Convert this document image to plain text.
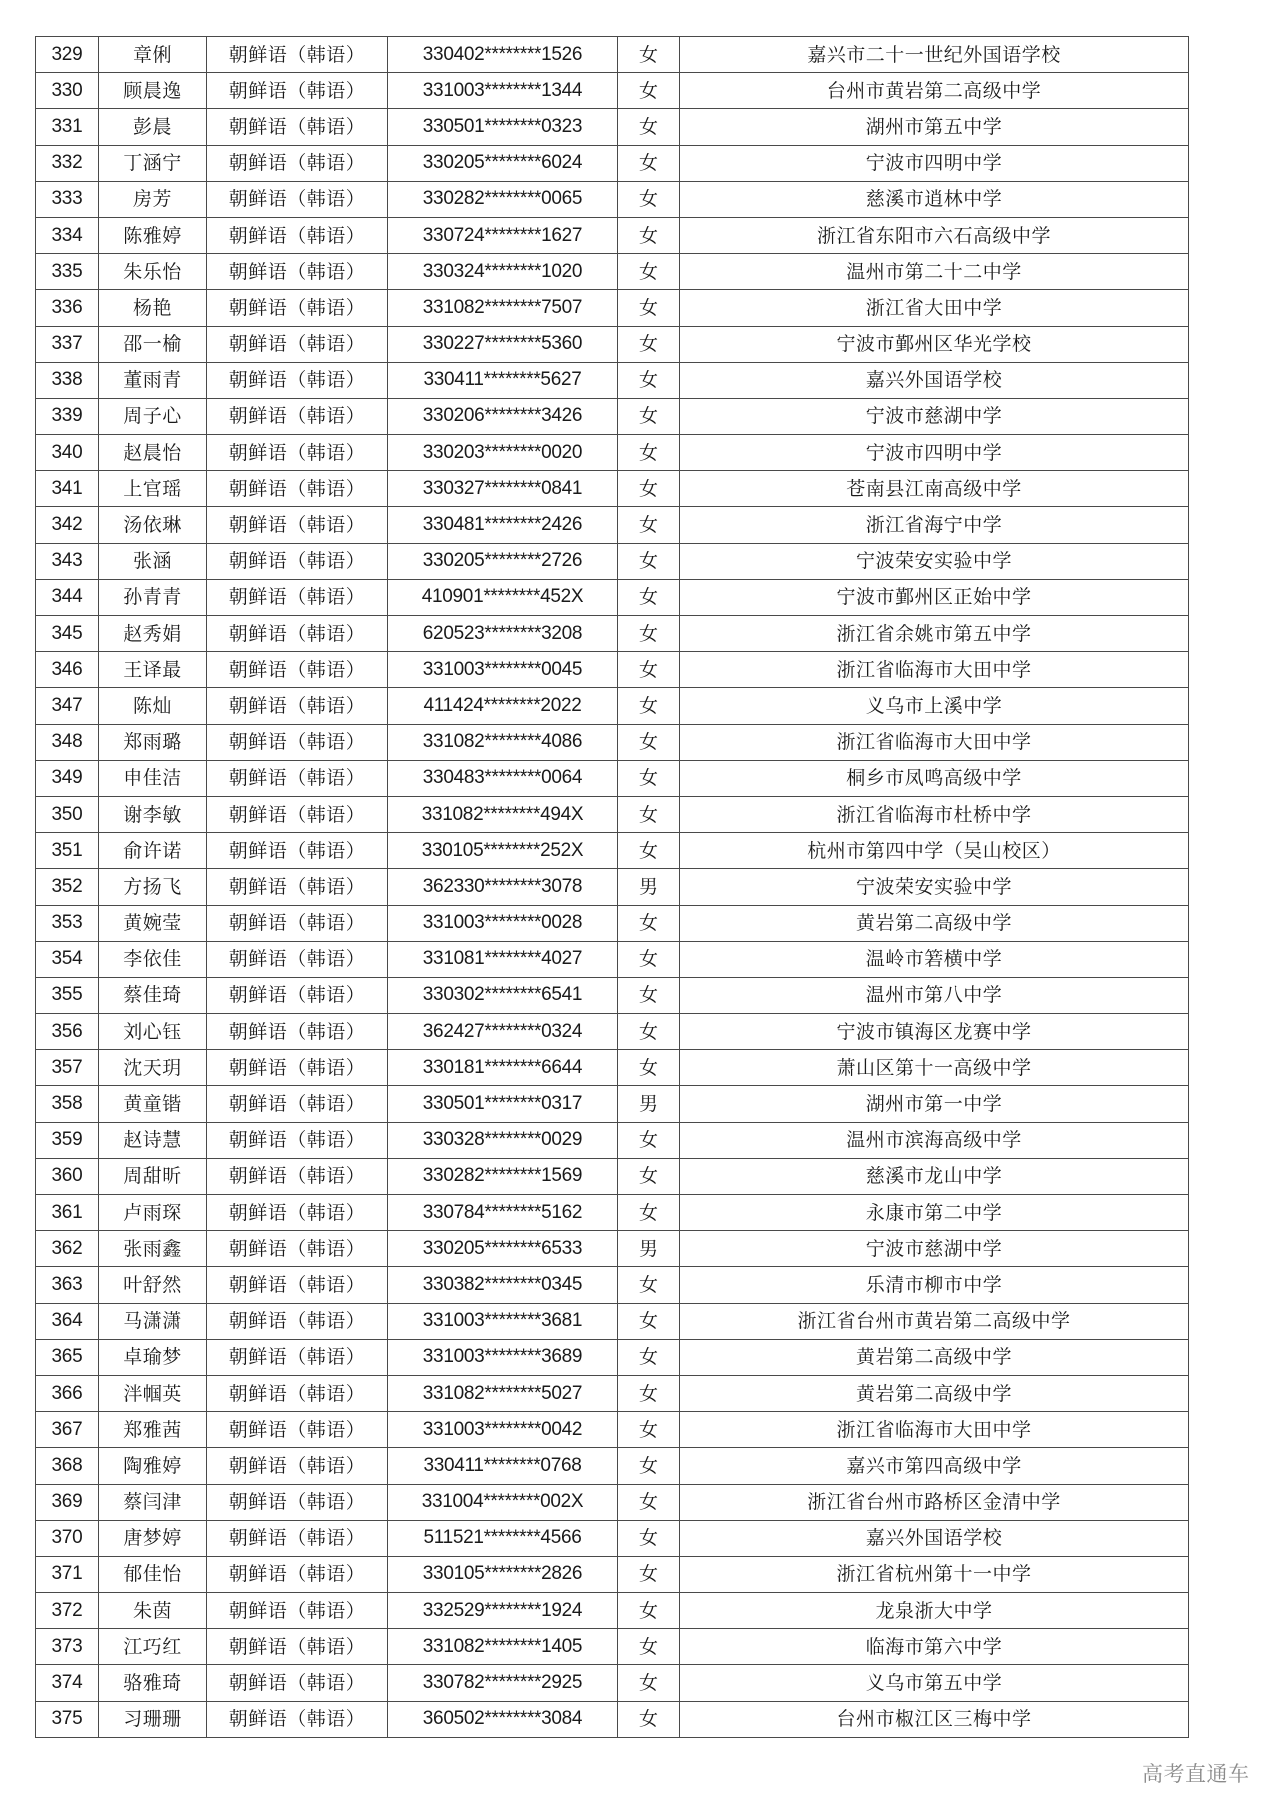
329	章俐	朝鲜语（韩语）	330402********1526	女	嘉兴市二十一世纪外国语学校
330	顾晨逸	朝鲜语（韩语）	331003********1344	女	台州市黄岩第二高级中学
331	彭晨	朝鲜语（韩语）	330501********0323	女	湖州市第五中学
332	丁涵宁	朝鲜语（韩语）	330205********6024	女	宁波市四明中学
333	房芳	朝鲜语（韩语）	330282********0065	女	慈溪市逍林中学
334	陈雅婷	朝鲜语（韩语）	330724********1627	女	浙江省东阳市六石高级中学
335	朱乐怡	朝鲜语（韩语）	330324********1020	女	温州市第二十二中学
336	杨艳	朝鲜语（韩语）	331082********7507	女	浙江省大田中学
337	邵一榆	朝鲜语（韩语）	330227********5360	女	宁波市鄞州区华光学校
338	董雨青	朝鲜语（韩语）	330411********5627	女	嘉兴外国语学校
339	周子心	朝鲜语（韩语）	330206********3426	女	宁波市慈湖中学
340	赵晨怡	朝鲜语（韩语）	330203********0020	女	宁波市四明中学
341	上官瑶	朝鲜语（韩语）	330327********0841	女	苍南县江南高级中学
342	汤依琳	朝鲜语（韩语）	330481********2426	女	浙江省海宁中学
343	张涵	朝鲜语（韩语）	330205********2726	女	宁波荣安实验中学
344	孙青青	朝鲜语（韩语）	410901********452X	女	宁波市鄞州区正始中学
345	赵秀娟	朝鲜语（韩语）	620523********3208	女	浙江省余姚市第五中学
346	王译最	朝鲜语（韩语）	331003********0045	女	浙江省临海市大田中学
347	陈灿	朝鲜语（韩语）	411424********2022	女	义乌市上溪中学
348	郑雨璐	朝鲜语（韩语）	331082********4086	女	浙江省临海市大田中学
349	申佳洁	朝鲜语（韩语）	330483********0064	女	桐乡市凤鸣高级中学
350	谢李敏	朝鲜语（韩语）	331082********494X	女	浙江省临海市杜桥中学
351	俞许诺	朝鲜语（韩语）	330105********252X	女	杭州市第四中学（吴山校区）
352	方扬飞	朝鲜语（韩语）	362330********3078	男	宁波荣安实验中学
353	黄婉莹	朝鲜语（韩语）	331003********0028	女	黄岩第二高级中学
354	李依佳	朝鲜语（韩语）	331081********4027	女	温岭市箬横中学
355	蔡佳琦	朝鲜语（韩语）	330302********6541	女	温州市第八中学
356	刘心钰	朝鲜语（韩语）	362427********0324	女	宁波市镇海区龙赛中学
357	沈天玥	朝鲜语（韩语）	330181********6644	女	萧山区第十一高级中学
358	黄童锴	朝鲜语（韩语）	330501********0317	男	湖州市第一中学
359	赵诗慧	朝鲜语（韩语）	330328********0029	女	温州市滨海高级中学
360	周甜昕	朝鲜语（韩语）	330282********1569	女	慈溪市龙山中学
361	卢雨琛	朝鲜语（韩语）	330784********5162	女	永康市第二中学
362	张雨鑫	朝鲜语（韩语）	330205********6533	男	宁波市慈湖中学
363	叶舒然	朝鲜语（韩语）	330382********0345	女	乐清市柳市中学
364	马潇潇	朝鲜语（韩语）	331003********3681	女	浙江省台州市黄岩第二高级中学
365	卓瑜梦	朝鲜语（韩语）	331003********3689	女	黄岩第二高级中学
366	泮帼英	朝鲜语（韩语）	331082********5027	女	黄岩第二高级中学
367	郑雅茜	朝鲜语（韩语）	331003********0042	女	浙江省临海市大田中学
368	陶雅婷	朝鲜语（韩语）	330411********0768	女	嘉兴市第四高级中学
369	蔡闫津	朝鲜语（韩语）	331004********002X	女	浙江省台州市路桥区金清中学
370	唐梦婷	朝鲜语（韩语）	511521********4566	女	嘉兴外国语学校
371	郁佳怡	朝鲜语（韩语）	330105********2826	女	浙江省杭州第十一中学
372	朱茵	朝鲜语（韩语）	332529********1924	女	龙泉浙大中学
373	江巧红	朝鲜语（韩语）	331082********1405	女	临海市第六中学
374	骆雅琦	朝鲜语（韩语）	330782********2925	女	义乌市第五中学
375	习珊珊	朝鲜语（韩语）	360502********3084	女	台州市椒江区三梅中学
高考直通车
